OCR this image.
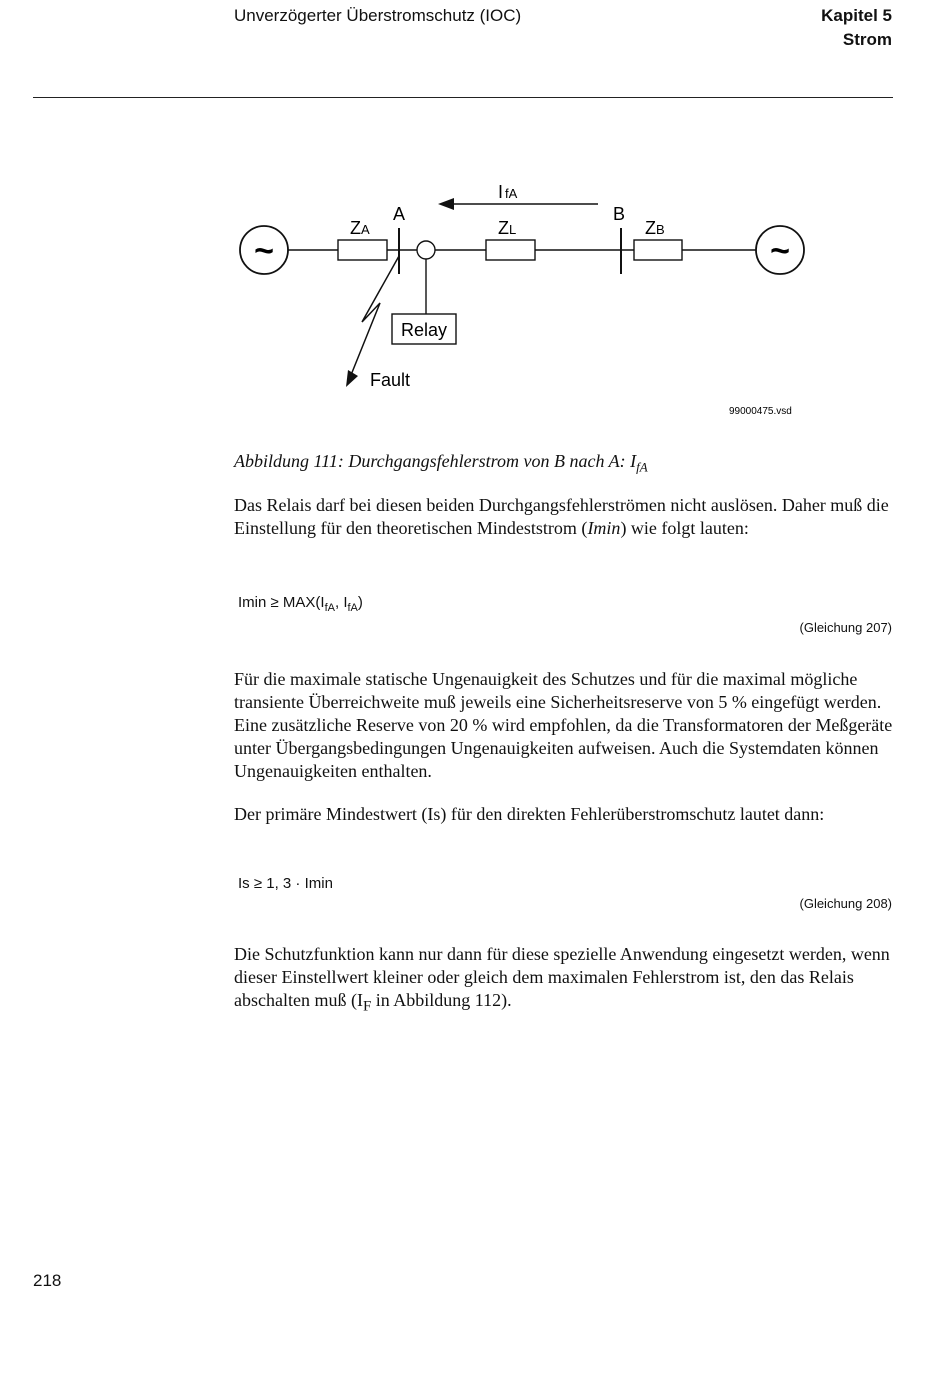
Unverzögerter Überstromschutz (IOC)	Kapitel 5
Strom
~	~
ZA	ZL	ZB
A	B
Relay
I fA
Fault
99000475.vsd
Abbildung 111: Durchgangsfehlerstrom von B nach A: $I_{fA}$
Das Relais darf bei diesen beiden Durchgangsfehlerströmen nicht auslösen. Daher muß die Einstellung für den theoretischen Mindeststrom (Imin) wie folgt lauten:
$Imin \ge MAX(I_{fA}$, $I_{fA}$)
(Gleichung 207)
Für die maximale statische Ungenauigkeit des Schutzes und für die maximal mögliche transiente Überreichweite muß jeweils eine Sicherheitsreserve von 5 % eingefügt werden. Eine zusätzliche Reserve von 20 % wird empfohlen, da die Transformatoren der Meßgeräte unter Übergangsbedingungen Ungenauigkeiten aufweisen. Auch die Systemdaten können Ungenauigkeiten enthalten.
Der primäre Mindestwert (Is) für den direkten Fehlerüberstromschutz lautet dann:
Is ≥ 1, 3 · Imin
(Gleichung 208)
Die Schutzfunktion kann nur dann für diese spezielle Anwendung eingesetzt werden, wenn dieser Einstellwert kleiner oder gleich dem maximalen Fehlerstrom ist, den das Relais abschalten muß ($I_F$ in Abbildung 112).
218
